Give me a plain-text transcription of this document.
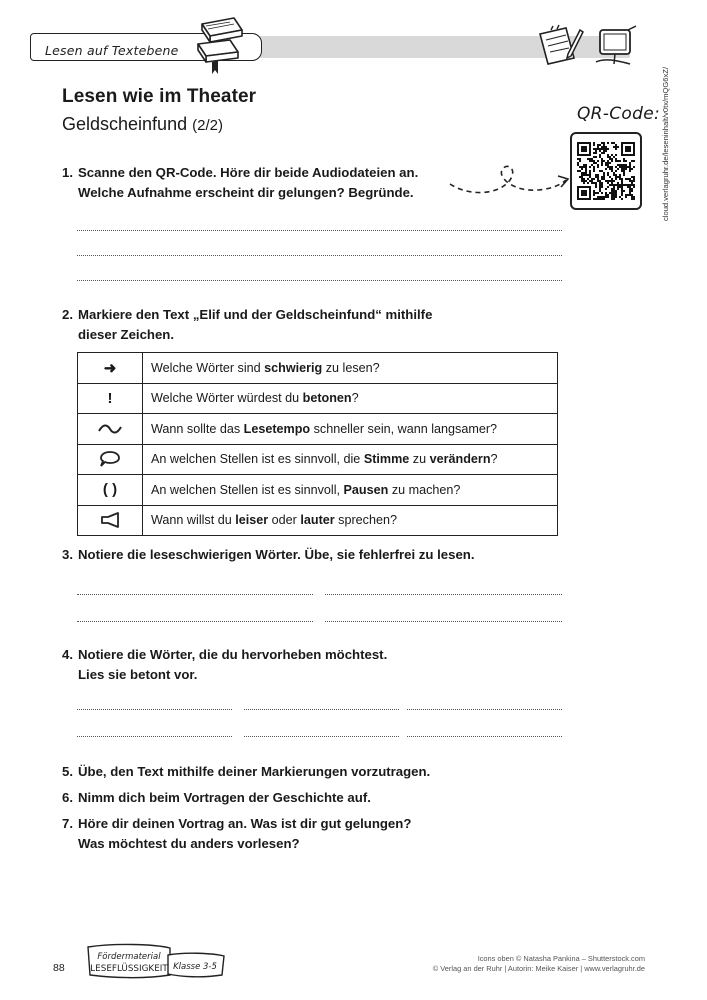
Lesen auf Textebene
Lesen wie im Theater
Geldscheinfund (2/2)
QR-Code: cloud.verlagruhr.de/leseninhalt/v0tx/mQG6xZ/
1. Scanne den QR-Code. Höre dir beide Audiodateien an.
Welche Aufnahme erscheint dir gelungen? Begründe.
2. Markiere den Text „Elif und der Geldscheinfund“ mithilfe
dieser Zeichen.
➜	Welche Wörter sind schwierig zu lesen?
!	Welche Wörter würdest du betonen?

	Wann sollte das Lesetempo schneller sein, wann langsamer?

	An welchen Stellen ist es sinnvoll, die Stimme zu verändern?
( )	An welchen Stellen ist es sinnvoll, Pausen zu machen?

	Wann willst du leiser oder lauter sprechen?
3. Notiere die leseschwierigen Wörter. Übe, sie fehlerfrei zu lesen.
4. Notiere die Wörter, die du hervorheben möchtest.
Lies sie betont vor.
5. Übe, den Text mithilfe deiner Markierungen vorzutragen.
6. Nimm dich beim Vortragen der Geschichte auf.
7. Höre dir deinen Vortrag an. Was ist dir gut gelungen?
Was möchtest du anders vorlesen?
88
Fördermaterial
LESEFLÜSSIGKEIT Klasse 3-5
Icons oben © Natasha Pankina – Shutterstock.com
© Verlag an der Ruhr | Autorin: Meike Kaiser | www.verlagruhr.de
